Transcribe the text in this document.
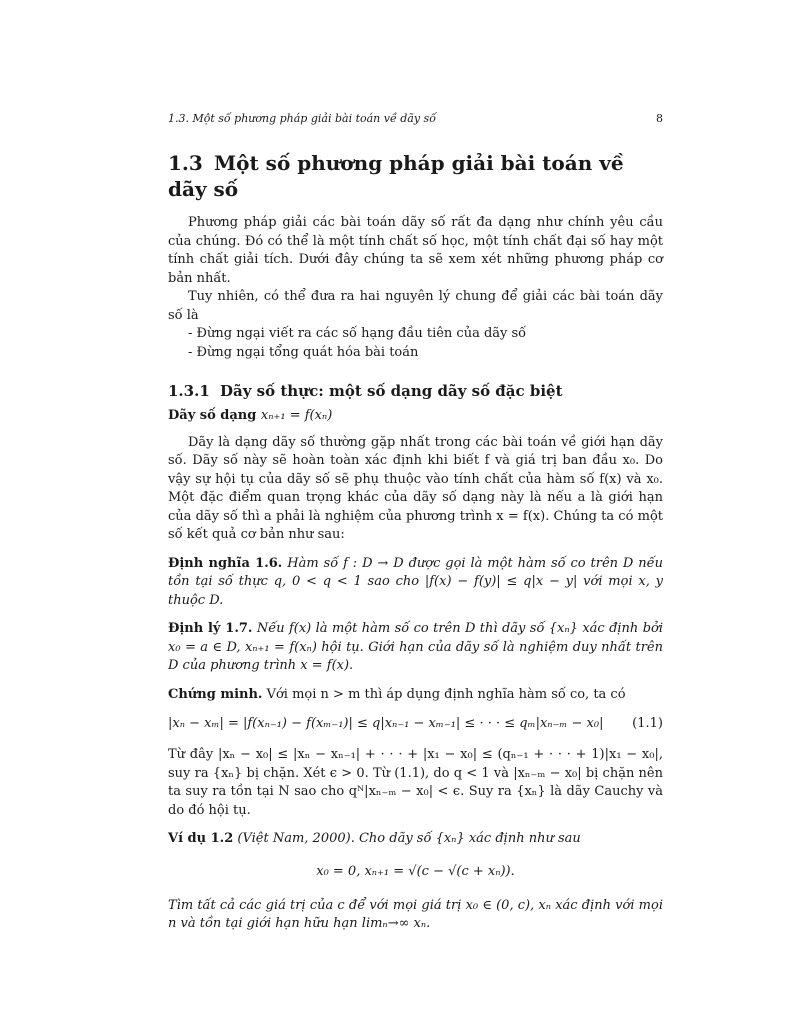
1.3. Một số phương pháp giải bài toán về dãy số	8
1.3 Một số phương pháp giải bài toán về dãy số

Phương pháp giải các bài toán dãy số rất đa dạng như chính yêu cầu của chúng. Đó có thể là một tính chất số học, một tính chất đại số hay một tính chất giải tích. Dưới đây chúng ta sẽ xem xét những phương pháp cơ bản nhất.

Tuy nhiên, có thể đưa ra hai nguyên lý chung để giải các bài toán dãy số là

- Đừng ngại viết ra các số hạng đầu tiên của dãy số

- Đừng ngại tổng quát hóa bài toán

1.3.1 Dãy số thực: một số dạng dãy số đặc biệt
Dãy số dạng xₙ₊₁ = f(xₙ)

Dãy là dạng dãy số thường gặp nhất trong các bài toán về giới hạn dãy số. Dãy số này sẽ hoàn toàn xác định khi biết f và giá trị ban đầu x₀. Do vậy sự hội tụ của dãy số sẽ phụ thuộc vào tính chất của hàm số f(x) và x₀. Một đặc điểm quan trọng khác của dãy số dạng này là nếu a là giới hạn của dãy số thì a phải là nghiệm của phương trình x = f(x). Chúng ta có một số kết quả cơ bản như sau:

Định nghĩa 1.6. Hàm số f : D → D được gọi là một hàm số co trên D nếu tồn tại số thực q, 0 < q < 1 sao cho |f(x) − f(y)| ≤ q|x − y| với mọi x, y thuộc D.

Định lý 1.7. Nếu f(x) là một hàm số co trên D thì dãy số {xₙ} xác định bởi x₀ = a ∈ D, xₙ₊₁ = f(xₙ) hội tụ. Giới hạn của dãy số là nghiệm duy nhất trên D của phương trình x = f(x).

Chứng minh. Với mọi n > m thì áp dụng định nghĩa hàm số co, ta có

|xₙ − xₘ| = |f(xₙ₋₁) − f(xₘ₋₁)| ≤ q|xₙ₋₁ − xₘ₋₁| ≤ · · · ≤ qₘ|xₙ₋ₘ − x₀| (1.1)

Từ đây |xₙ − x₀| ≤ |xₙ − xₙ₋₁| + · · · + |x₁ − x₀| ≤ (qₙ₋₁ + · · · + 1)|x₁ − x₀|, suy ra {xₙ} bị chặn. Xét ϵ > 0. Từ (1.1), do q < 1 và |xₙ₋ₘ − x₀| bị chặn nên ta suy ra tồn tại N sao cho qᴺ|xₙ₋ₘ − x₀| < ϵ. Suy ra {xₙ} là dãy Cauchy và do đó hội tụ.

Ví dụ 1.2 (Việt Nam, 2000). Cho dãy số {xₙ} xác định như sau

x₀ = 0, xₙ₊₁ = √(c − √(c + xₙ)).

Tìm tất cả các giá trị của c để với mọi giá trị x₀ ∈ (0, c), xₙ xác định với mọi n và tồn tại giới hạn hữu hạn limₙ→∞ xₙ.
